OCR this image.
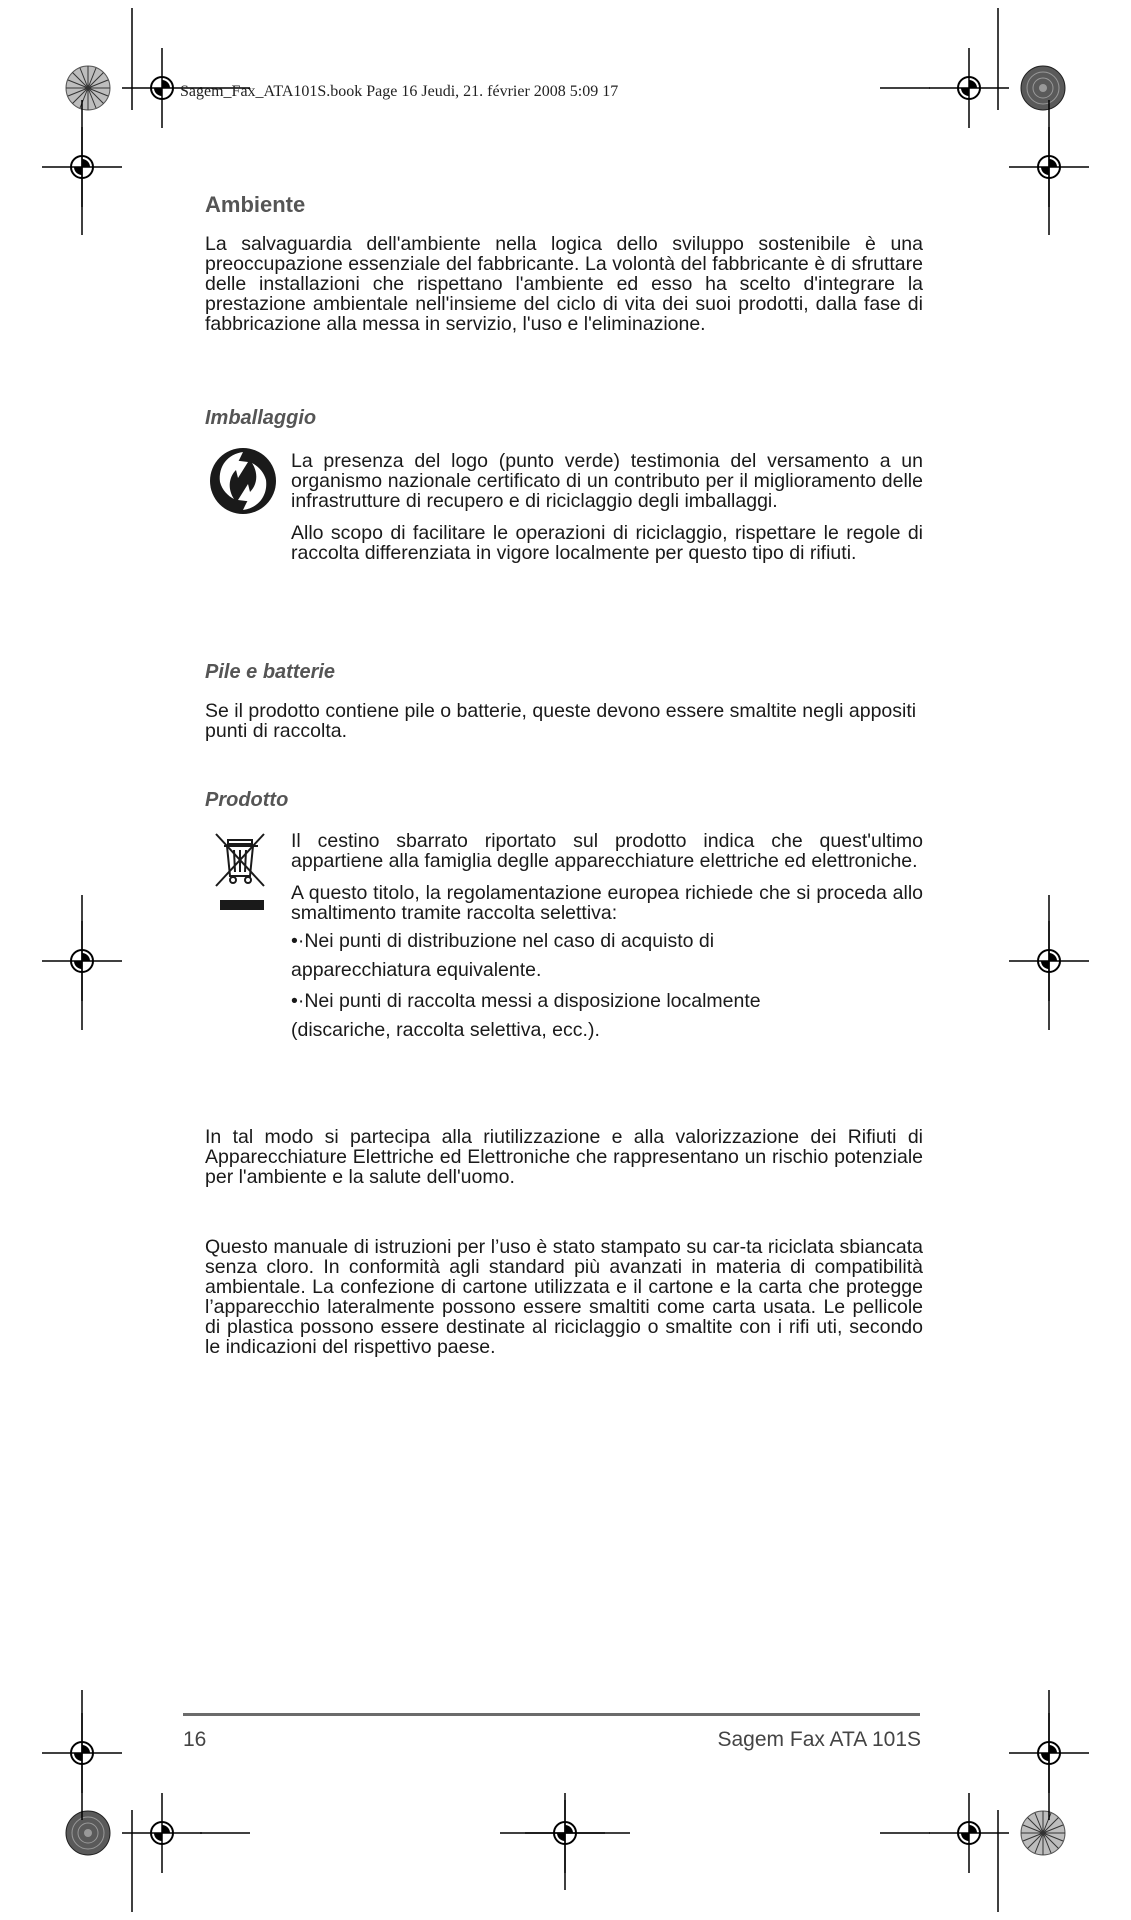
Sagem_Fax_ATA101S.book Page 16 Jeudi, 21. février 2008 5:09 17
Ambiente

La salvaguardia dell'ambiente nella logica dello sviluppo sostenibile è una preoccupazione essenziale del fabbricante. La volontà del fabbricante è di sfruttare delle installazioni che rispettano l'ambiente ed esso ha scelto d'integrare la prestazione ambientale nell'insieme del ciclo di vita dei suoi prodotti, dalla fase di fabbricazione alla messa in servizio, l'uso e l'eliminazione.

Imballaggio

La presenza del logo (punto verde) testimonia del versamento a un organismo nazionale certificato di un contributo per il miglioramento delle infrastrutture di recupero e di riciclaggio degli imballaggi.

Allo scopo di facilitare le operazioni di riciclaggio, rispettare le regole di raccolta differenziata in vigore localmente per questo tipo di rifiuti.

Pile e batterie

Se il prodotto contiene pile o batterie, queste devono essere smaltite negli appositi punti di raccolta.

Prodotto

Il cestino sbarrato riportato sul prodotto indica che quest'ultimo appartiene alla famiglia deglle apparecchiature elettriche ed elettroniche.

A questo titolo, la regolamentazione europea richiede che si proceda allo smaltimento tramite raccolta selettiva:

•·Nei punti di distribuzione nel caso di acquisto di

apparecchiatura equivalente.

•·Nei punti di raccolta messi a disposizione localmente

(discariche, raccolta selettiva, ecc.).

In tal modo si partecipa alla riutilizzazione e alla valorizzazione dei Rifiuti di Apparecchiature Elettriche ed Elettroniche che rappresentano un rischio potenziale per l'ambiente e la salute dell'uomo.

Questo manuale di istruzioni per l’uso è stato stampato su car-ta riciclata sbiancata senza cloro. In conformità agli standard più avanzati in materia di compatibilità ambientale. La confezione di cartone utilizzata e il cartone e la carta che protegge l’apparecchio lateralmente possono essere smaltiti come carta usata. Le pellicole di plastica possono essere destinate al riciclaggio o smaltite con i rifi uti, secondo le indicazioni del rispettivo paese.

16	Sagem Fax ATA 101S
